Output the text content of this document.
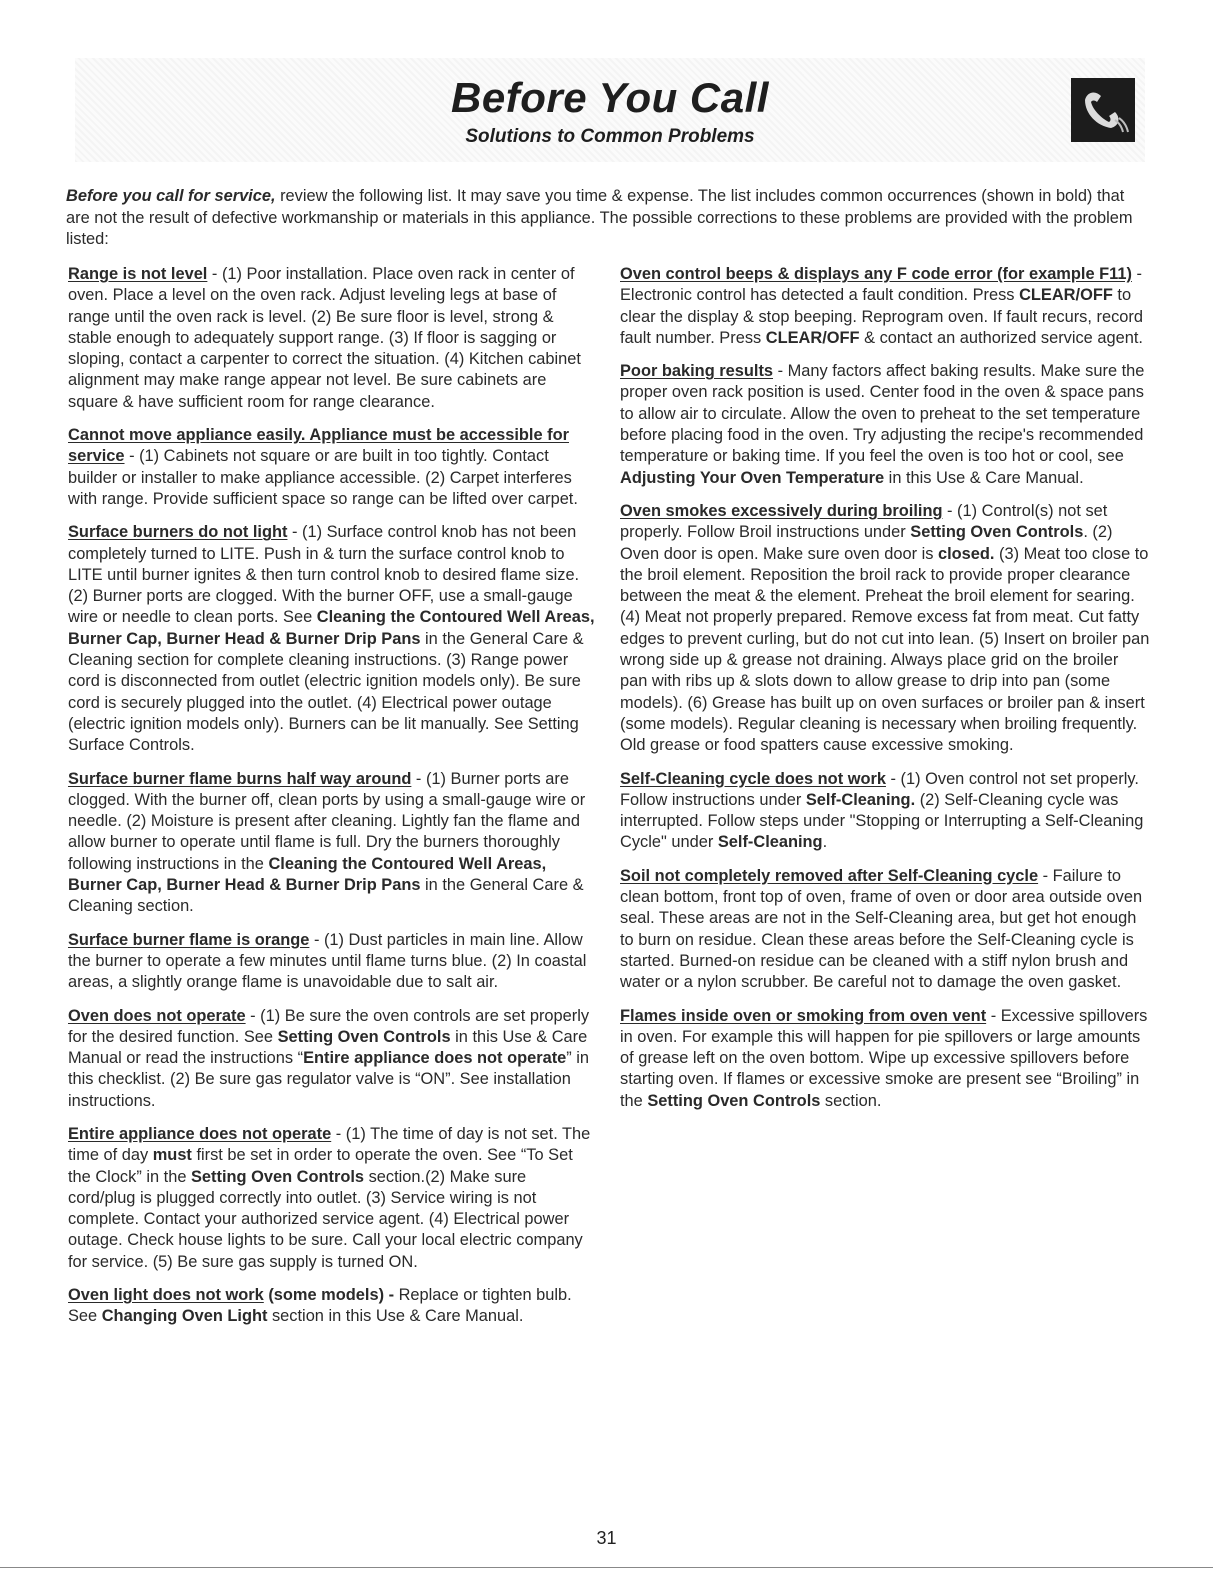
Before You Call
Solutions to Common Problems
Before you call for service, review the following list. It may save you time & expense. The list includes common occurrences (shown in bold) that are not the result of defective workmanship or materials in this appliance. The possible corrections to these problems are provided with the problem listed:

Range is not level - (1) Poor installation. Place oven rack in center of oven. Place a level on the oven rack. Adjust leveling legs at base of range until the oven rack is level. (2) Be sure floor is level, strong & stable enough to adequately support range. (3) If floor is sagging or sloping, contact a carpenter to correct the situation. (4) Kitchen cabinet alignment may make range appear not level. Be sure cabinets are square & have sufficient room for range clearance.

Cannot move appliance easily. Appliance must be accessible for service - (1) Cabinets not square or are built in too tightly. Contact builder or installer to make appliance accessible. (2) Carpet interferes with range. Provide sufficient space so range can be lifted over carpet.

Surface burners do not light - (1) Surface control knob has not been completely turned to LITE. Push in & turn the surface control knob to LITE until burner ignites & then turn control knob to desired flame size. (2) Burner ports are clogged. With the burner OFF, use a small-gauge wire or needle to clean ports. See Cleaning the Contoured Well Areas, Burner Cap, Burner Head & Burner Drip Pans in the General Care & Cleaning section for complete cleaning instructions. (3) Range power cord is disconnected from outlet (electric ignition models only). Be sure cord is securely plugged into the outlet. (4) Electrical power outage (electric ignition models only). Burners can be lit manually. See Setting Surface Controls.

Surface burner flame burns half way around - (1) Burner ports are clogged. With the burner off, clean ports by using a small-gauge wire or needle. (2) Moisture is present after cleaning. Lightly fan the flame and allow burner to operate until flame is full. Dry the burners thoroughly following instructions in the Cleaning the Contoured Well Areas, Burner Cap, Burner Head & Burner Drip Pans in the General Care & Cleaning section.

Surface burner flame is orange - (1) Dust particles in main line. Allow the burner to operate a few minutes until flame turns blue. (2) In coastal areas, a slightly orange flame is unavoidable due to salt air.

Oven does not operate - (1) Be sure the oven controls are set properly for the desired function. See Setting Oven Controls in this Use & Care Manual or read the instructions “Entire appliance does not operate” in this checklist. (2) Be sure gas regulator valve is “ON”. See installation instructions.

Entire appliance does not operate - (1) The time of day is not set. The time of day must first be set in order to operate the oven. See “To Set the Clock” in the Setting Oven Controls section.(2) Make sure cord/plug is plugged correctly into outlet. (3) Service wiring is not complete. Contact your authorized service agent. (4) Electrical power outage. Check house lights to be sure. Call your local electric company for service. (5) Be sure gas supply is turned ON.

Oven light does not work (some models) - Replace or tighten bulb. See Changing Oven Light section in this Use & Care Manual.

Oven control beeps & displays any F code error (for example F11) - Electronic control has detected a fault condition. Press CLEAR/OFF to clear the display & stop beeping. Reprogram oven. If fault recurs, record fault number. Press CLEAR/OFF & contact an authorized service agent.

Poor baking results - Many factors affect baking results. Make sure the proper oven rack position is used. Center food in the oven & space pans to allow air to circulate. Allow the oven to preheat to the set temperature before placing food in the oven. Try adjusting the recipe's recommended temperature or baking time. If you feel the oven is too hot or cool, see Adjusting Your Oven Temperature in this Use & Care Manual.

Oven smokes excessively during broiling - (1) Control(s) not set properly. Follow Broil instructions under Setting Oven Controls. (2) Oven door is open. Make sure oven door is closed. (3) Meat too close to the broil element. Reposition the broil rack to provide proper clearance between the meat & the element. Preheat the broil element for searing. (4) Meat not properly prepared. Remove excess fat from meat. Cut fatty edges to prevent curling, but do not cut into lean. (5) Insert on broiler pan wrong side up & grease not draining. Always place grid on the broiler pan with ribs up & slots down to allow grease to drip into pan (some models). (6) Grease has built up on oven surfaces or broiler pan & insert (some models). Regular cleaning is necessary when broiling frequently. Old grease or food spatters cause excessive smoking.

Self-Cleaning cycle does not work - (1) Oven control not set properly. Follow instructions under Self-Cleaning. (2) Self-Cleaning cycle was interrupted. Follow steps under "Stopping or Interrupting a Self-Cleaning Cycle" under Self-Cleaning.

Soil not completely removed after Self-Cleaning cycle - Failure to clean bottom, front top of oven, frame of oven or door area outside oven seal. These areas are not in the Self-Cleaning area, but get hot enough to burn on residue. Clean these areas before the Self-Cleaning cycle is started. Burned-on residue can be cleaned with a stiff nylon brush and water or a nylon scrubber. Be careful not to damage the oven gasket.

Flames inside oven or smoking from oven vent - Excessive spillovers in oven. For example this will happen for pie spillovers or large amounts of grease left on the oven bottom. Wipe up excessive spillovers before starting oven. If flames or excessive smoke are present see “Broiling” in the Setting Oven Controls section.

31
